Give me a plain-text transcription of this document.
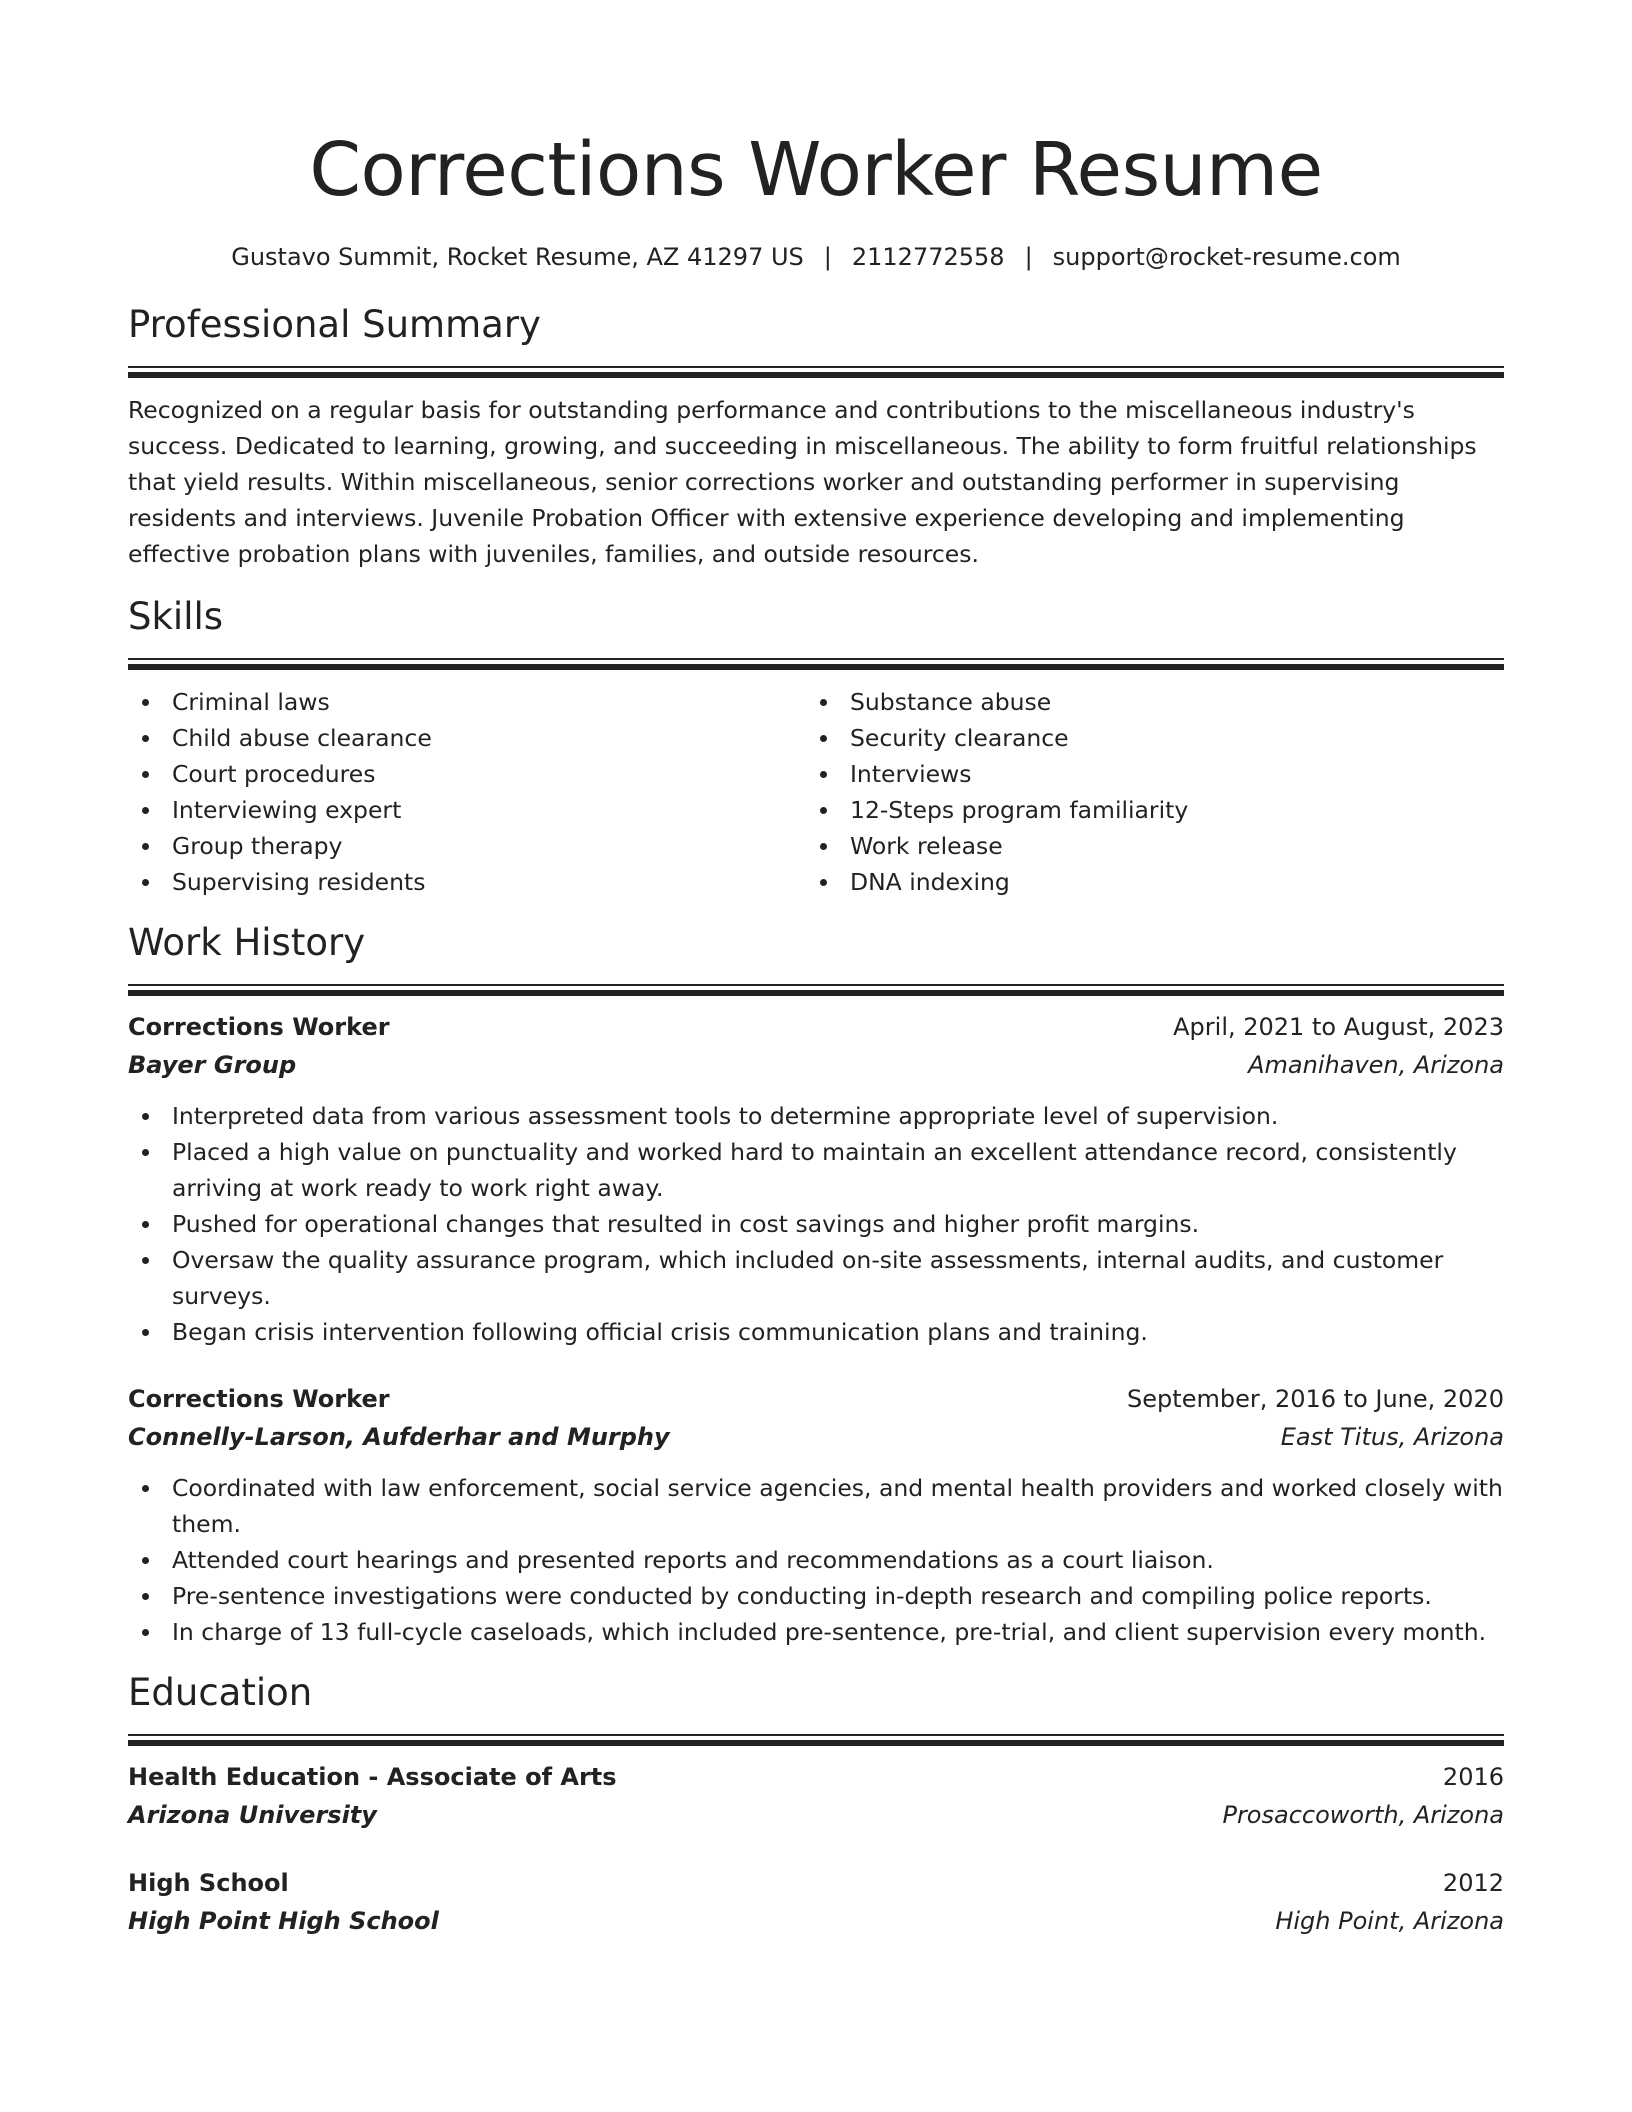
Corrections Worker Resume
Gustavo Summit, Rocket Resume, AZ 41297 US | 2112772558 | support@rocket-resume.com
Professional Summary
Recognized on a regular basis for outstanding performance and contributions to the miscellaneous industry's success. Dedicated to learning, growing, and succeeding in miscellaneous. The ability to form fruitful relationships that yield results. Within miscellaneous, senior corrections worker and outstanding performer in supervising residents and interviews. Juvenile Probation Officer with extensive experience developing and implementing effective probation plans with juveniles, families, and outside resources.
Skills
Criminal laws
Child abuse clearance
Court procedures
Interviewing expert
Group therapy
Supervising residents
Substance abuse
Security clearance
Interviews
12-Steps program familiarity
Work release
DNA indexing
Work History
Corrections Worker	April, 2021 to August, 2023
Bayer Group	Amanihaven, Arizona
Interpreted data from various assessment tools to determine appropriate level of supervision.
Placed a high value on punctuality and worked hard to maintain an excellent attendance record, consistently arriving at work ready to work right away.
Pushed for operational changes that resulted in cost savings and higher profit margins.
Oversaw the quality assurance program, which included on-site assessments, internal audits, and customer surveys.
Began crisis intervention following official crisis communication plans and training.
Corrections Worker	September, 2016 to June, 2020
Connelly-Larson, Aufderhar and Murphy	East Titus, Arizona
Coordinated with law enforcement, social service agencies, and mental health providers and worked closely with them.
Attended court hearings and presented reports and recommendations as a court liaison.
Pre-sentence investigations were conducted by conducting in-depth research and compiling police reports.
In charge of 13 full-cycle caseloads, which included pre-sentence, pre-trial, and client supervision every month.
Education
Health Education - Associate of Arts	2016
Arizona University	Prosaccoworth, Arizona
High School	2012
High Point High School	High Point, Arizona
